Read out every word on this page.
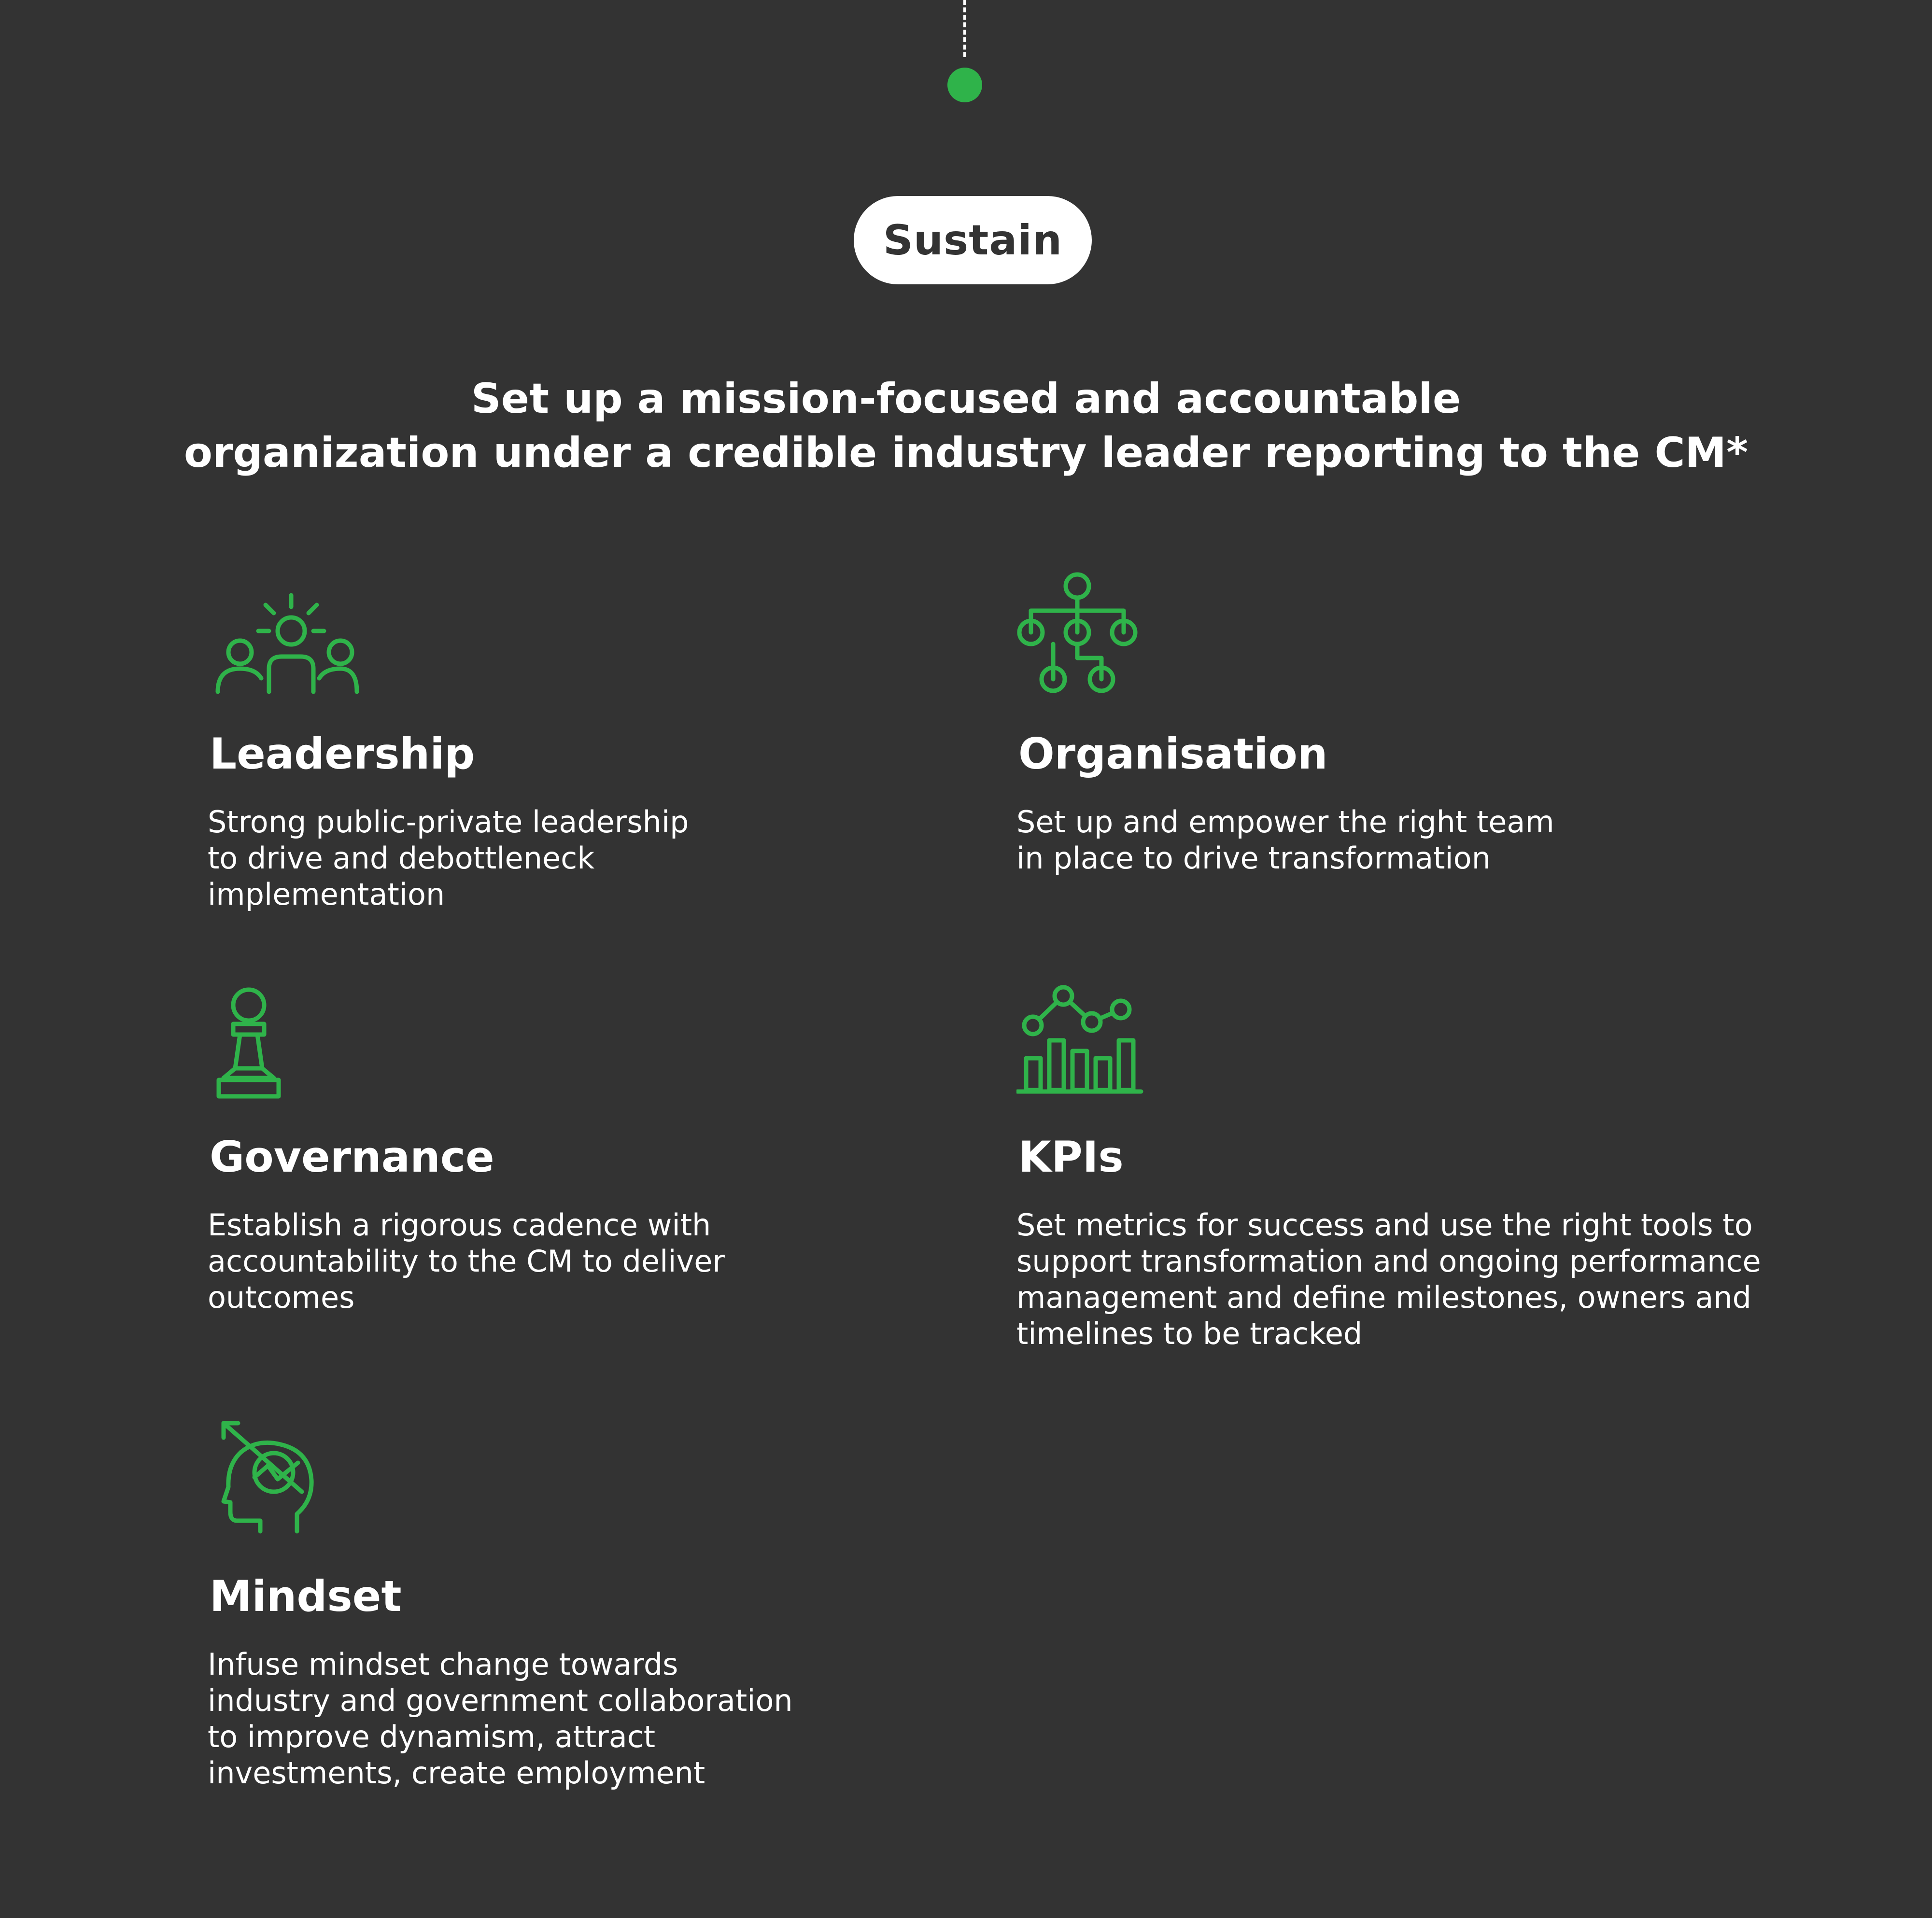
Sustain
Set up a mission-focused and accountable
organization under a credible industry leader reporting to the CM*
Leadership

Strong public-private leadership
to drive and debottleneck
implementation

Organisation

Set up and empower the right team
in place to drive transformation

Governance

Establish a rigorous cadence with
accountability to the CM to deliver
outcomes

KPIs

Set metrics for success and use the right tools to
support transformation and ongoing performance
management and define milestones, owners and
timelines to be tracked

Mindset

Infuse mindset change towards
industry and government collaboration
to improve dynamism, attract
investments, create employment
